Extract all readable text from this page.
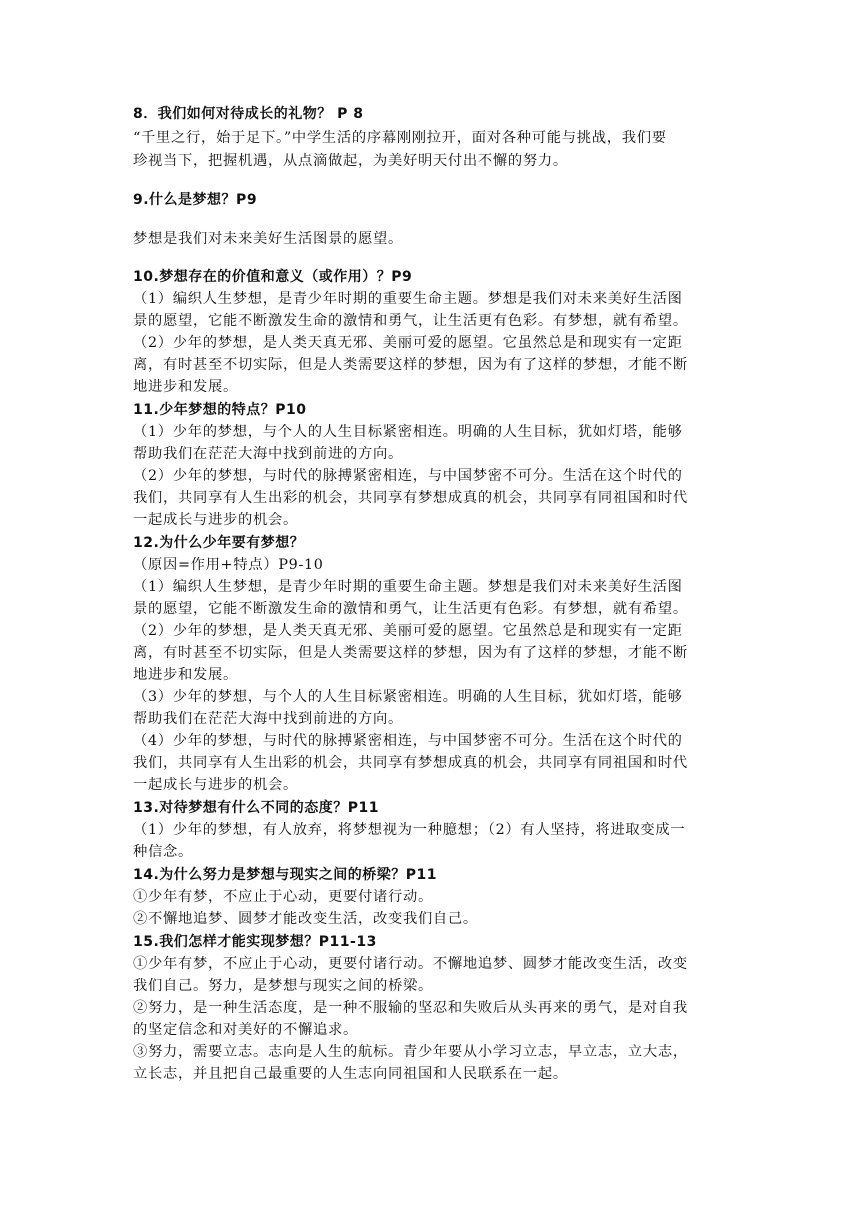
8．我们如何对待成长的礼物？ P 8
“千里之行，始于足下。”中学生活的序幕刚刚拉开，面对各种可能与挑战，我们要
珍视当下，把握机遇，从点滴做起，为美好明天付出不懈的努力。
9.什么是梦想？P9
梦想是我们对未来美好生活图景的愿望。
10.梦想存在的价值和意义（或作用）？P9
（1）编织人生梦想，是青少年时期的重要生命主题。梦想是我们对未来美好生活图
景的愿望，它能不断激发生命的激情和勇气，让生活更有色彩。有梦想，就有希望。
（2）少年的梦想，是人类天真无邪、美丽可爱的愿望。它虽然总是和现实有一定距
离，有时甚至不切实际，但是人类需要这样的梦想，因为有了这样的梦想，才能不断
地进步和发展。
11.少年梦想的特点？P10
（1）少年的梦想，与个人的人生目标紧密相连。明确的人生目标，犹如灯塔，能够
帮助我们在茫茫大海中找到前进的方向。
（2）少年的梦想，与时代的脉搏紧密相连，与中国梦密不可分。生活在这个时代的
我们，共同享有人生出彩的机会，共同享有梦想成真的机会，共同享有同祖国和时代
一起成长与进步的机会。
12.为什么少年要有梦想？
（原因=作用+特点）P9-10
（1）编织人生梦想，是青少年时期的重要生命主题。梦想是我们对未来美好生活图
景的愿望，它能不断激发生命的激情和勇气，让生活更有色彩。有梦想，就有希望。
（2）少年的梦想，是人类天真无邪、美丽可爱的愿望。它虽然总是和现实有一定距
离，有时甚至不切实际，但是人类需要这样的梦想，因为有了这样的梦想，才能不断
地进步和发展。
（3）少年的梦想，与个人的人生目标紧密相连。明确的人生目标，犹如灯塔，能够
帮助我们在茫茫大海中找到前进的方向。
（4）少年的梦想，与时代的脉搏紧密相连，与中国梦密不可分。生活在这个时代的
我们，共同享有人生出彩的机会，共同享有梦想成真的机会，共同享有同祖国和时代
一起成长与进步的机会。
13.对待梦想有什么不同的态度？P11
（1）少年的梦想，有人放弃，将梦想视为一种臆想；（2）有人坚持，将进取变成一
种信念。
14.为什么努力是梦想与现实之间的桥梁？P11
①少年有梦，不应止于心动，更要付诸行动。
②不懈地追梦、圆梦才能改变生活，改变我们自己。
15.我们怎样才能实现梦想？P11-13
①少年有梦，不应止于心动，更要付诸行动。不懈地追梦、圆梦才能改变生活，改变
我们自己。努力，是梦想与现实之间的桥梁。
②努力，是一种生活态度，是一种不服输的坚忍和失败后从头再来的勇气，是对自我
的坚定信念和对美好的不懈追求。
③努力，需要立志。志向是人生的航标。青少年要从小学习立志，早立志，立大志，
立长志，并且把自己最重要的人生志向同祖国和人民联系在一起。
